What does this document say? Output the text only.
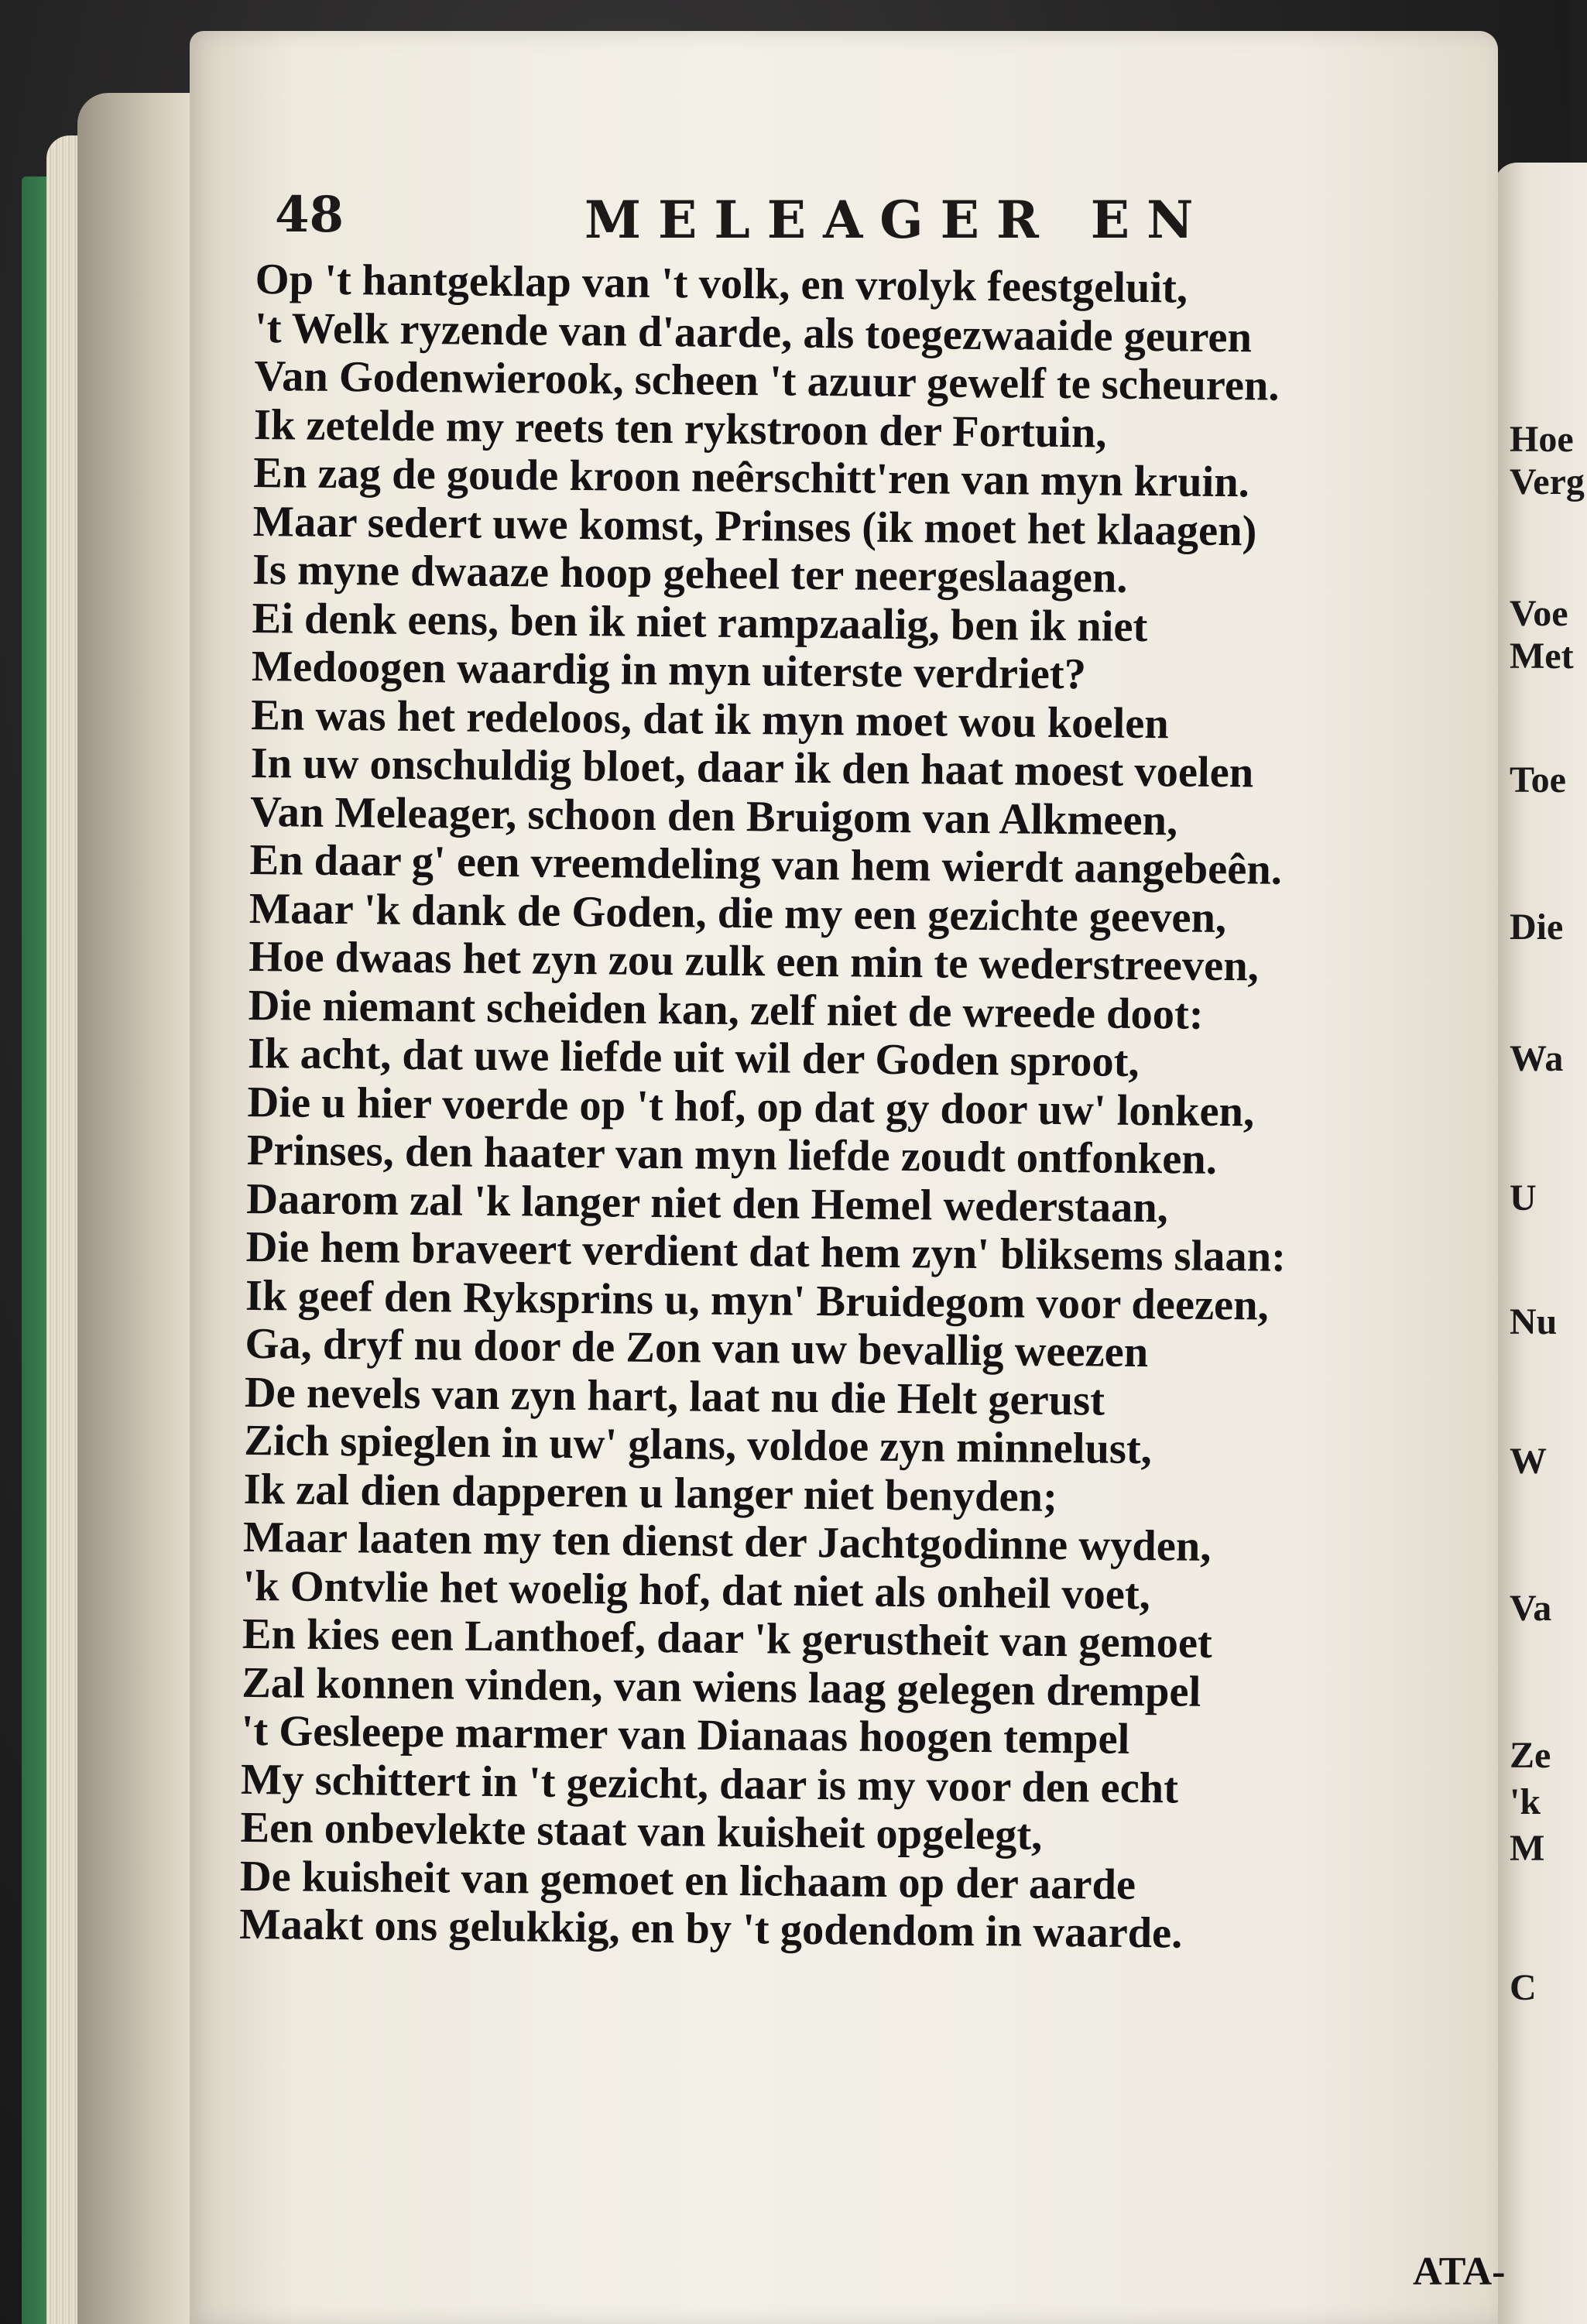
48	MELEAGER EN
Op 't hantgeklap van 't volk, en vrolyk feestgeluit,
't Welk ryzende van d'aarde, als toegezwaaide geuren
Van Godenwierook, scheen 't azuur gewelf te scheuren.
Ik zetelde my reets ten rykstroon der Fortuin,
En zag de goude kroon neêrschitt'ren van myn kruin.
Maar sedert uwe komst, Prinses (ik moet het klaagen)
Is myne dwaaze hoop geheel ter neergeslaagen.
Ei denk eens, ben ik niet rampzaalig, ben ik niet
Medoogen waardig in myn uiterste verdriet?
En was het redeloos, dat ik myn moet wou koelen
In uw onschuldig bloet, daar ik den haat moest voelen
Van Meleager, schoon den Bruigom van Alkmeen,
En daar g' een vreemdeling van hem wierdt aangebeên.
Maar 'k dank de Goden, die my een gezichte geeven,
Hoe dwaas het zyn zou zulk een min te wederstreeven,
Die niemant scheiden kan, zelf niet de wreede doot:
Ik acht, dat uwe liefde uit wil der Goden sproot,
Die u hier voerde op 't hof, op dat gy door uw' lonken,
Prinses, den haater van myn liefde zoudt ontfonken.
Daarom zal 'k langer niet den Hemel wederstaan,
Die hem braveert verdient dat hem zyn' bliksems slaan:
Ik geef den Ryksprins u, myn' Bruidegom voor deezen,
Ga, dryf nu door de Zon van uw bevallig weezen
De nevels van zyn hart, laat nu die Helt gerust
Zich spieglen in uw' glans, voldoe zyn minnelust,
Ik zal dien dapperen u langer niet benyden;
Maar laaten my ten dienst der Jachtgodinne wyden,
'k Ontvlie het woelig hof, dat niet als onheil voet,
En kies een Lanthoef, daar 'k gerustheit van gemoet
Zal konnen vinden, van wiens laag gelegen drempel
't Gesleepe marmer van Dianaas hoogen tempel
My schittert in 't gezicht, daar is my voor den echt
Een onbevlekte staat van kuisheit opgelegt,
De kuisheit van gemoet en lichaam op der aarde
Maakt ons gelukkig, en by 't godendom in waarde.
ATA-
Hoe
Verg
Voe
Met
Toe
Die
Wa
U
Nu
W
Va
Ze
'k
M
C
